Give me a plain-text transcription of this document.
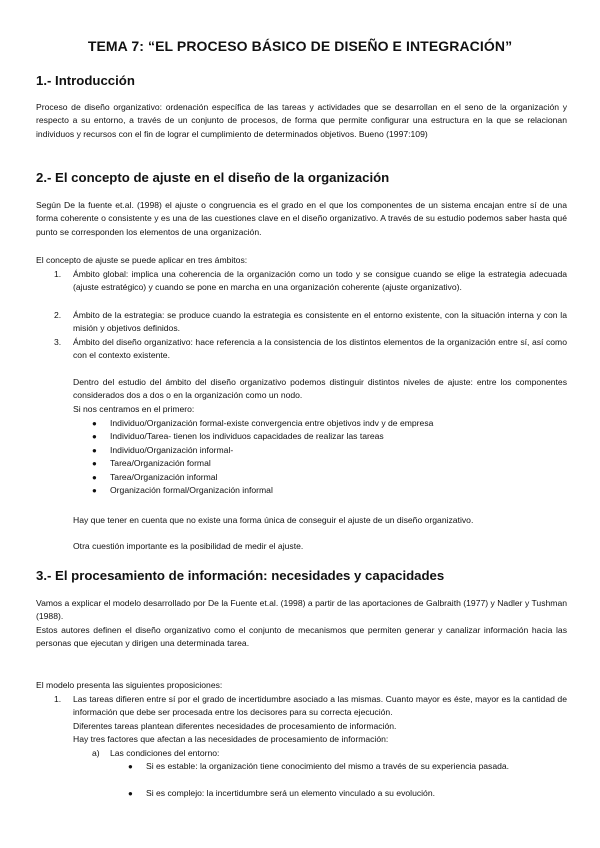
TEMA 7: “EL PROCESO BÁSICO DE DISEÑO E INTEGRACIÓN”
1.- Introducción
Proceso de diseño organizativo: ordenación específica de las tareas y actividades que se desarrollan en el seno de la organización y respecto a su entorno, a través de un conjunto de procesos, de forma que permite configurar una estructura en la que se relacionan individuos y recursos con el fin de lograr el cumplimiento de determinados objetivos. Bueno (1997:109)
2.- El concepto de ajuste en el diseño de la organización
Según De la fuente et.al. (1998) el ajuste o congruencia es el grado en el que los componentes de un sistema encajan entre sí de una forma coherente o consistente y es una de las cuestiones clave en el diseño organizativo. A través de su estudio podemos saber hasta qué punto se corresponden los elementos de una organización.
El concepto de ajuste se puede aplicar en tres ámbitos:
1. Ámbito global: implica una coherencia de la organización como un todo y se consigue cuando se elige la estrategia adecuada (ajuste estratégico) y cuando se pone en marcha en una organización coherente (ajuste organizativo).
2. Ámbito de la estrategia: se produce cuando la estrategia es consistente en el entorno existente, con la situación interna y con la misión y objetivos definidos.
3. Ámbito del diseño organizativo: hace referencia a la consistencia de los distintos elementos de la organización entre sí, así como con el contexto existente.
Dentro del estudio del ámbito del diseño organizativo podemos distinguir distintos niveles de ajuste: entre los componentes considerados dos a dos o en la organización como un nodo.
Si nos centramos en el primero:
● Individuo/Organización formal-existe convergencia entre objetivos indv y de empresa
● Individuo/Tarea- tienen los individuos capacidades de realizar las tareas
● Individuo/Organización informal-
● Tarea/Organización formal
● Tarea/Organización informal
● Organización formal/Organización informal
Hay que tener en cuenta que no existe una forma única de conseguir el ajuste de un diseño organizativo.
Otra cuestión importante es la posibilidad de medir el ajuste.
3.- El procesamiento de información: necesidades y capacidades
Vamos a explicar el modelo desarrollado por De la Fuente et.al. (1998) a partir de las aportaciones de Galbraith (1977) y Nadler y Tushman (1988).
Estos autores definen el diseño organizativo como el conjunto de mecanismos que permiten generar y canalizar información hacia las personas que ejecutan y dirigen una determinada tarea.
El modelo presenta las siguientes proposiciones:
1. Las tareas difieren entre sí por el grado de incertidumbre asociado a las mismas. Cuanto mayor es éste, mayor es la cantidad de información que debe ser procesada entre los decisores para su correcta ejecución.
Diferentes tareas plantean diferentes necesidades de procesamiento de información.
Hay tres factores que afectan a las necesidades de procesamiento de información:
a) Las condiciones del entorno:
● Si es estable: la organización tiene conocimiento del mismo a través de su experiencia pasada.
● Si es complejo: la incertidumbre será un elemento vinculado a su evolución.
